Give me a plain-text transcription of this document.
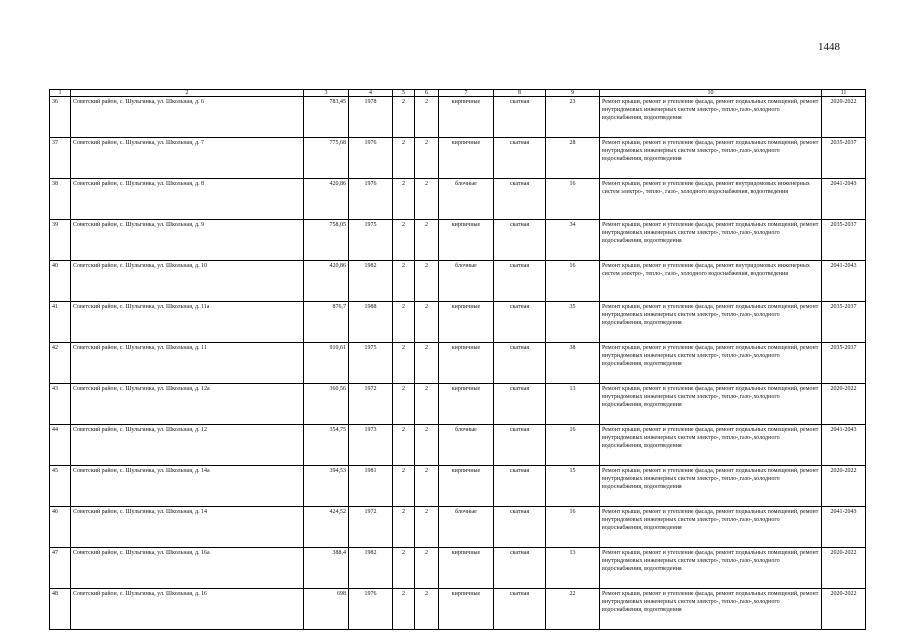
1448
1	2	3	4	5	6	7	8	9	10	11
36	Советский район, с. Шульгинка, ул. Школьная, д. 6	783,45	1978	2	2	кирпичные	скатная	23	Ремонт крыши, ремонт и утепление фасада, ремонт подвальных помещений, ремонт внутридомовых инженерных систем электро-, тепло-,газо-,холодного водоснабжения, водоотведения	2020-2022
37	Советский район, с. Шульгинка, ул. Школьная, д. 7	775,68	1976	2	2	кирпичные	скатная	28	Ремонт крыши, ремонт и утепление фасада, ремонт подвальных помещений, ремонт внутридомовых инженерных систем электро-, тепло-,газо-,холодного водоснабжения, водоотведения	2035-2037
38	Советский район, с. Шульгинка, ул. Школьная, д. 8	420,86	1976	2	2	блочные	скатная	16	Ремонт крыши, ремонт и утепление фасада, ремонт внутридомовых инженерных систем электро-, тепло-, газо-, холодного водоснабжения, водоотведения	2041-2043
39	Советский район, с. Шульгинка, ул. Школьная, д. 9	758,05	1975	2	2	кирпичные	скатная	34	Ремонт крыши, ремонт и утепление фасада, ремонт подвальных помещений, ремонт внутридомовых инженерных систем электро-, тепло-,газо-,холодного водоснабжения, водоотведения	2035-2037
40	Советский район, с. Шульгинка, ул. Школьная, д. 10	420,86	1982	2	2	блочные	скатная	16	Ремонт крыши, ремонт и утепление фасада, ремонт внутридомовых инженерных систем электро-, тепло-, газо-, холодного водоснабжения, водоотведения	2041-2043
41	Советский район, с. Шульгинка, ул. Школьная, д. 11а	876,7	1988	2	2	кирпичные	скатная	35	Ремонт крыши, ремонт и утепление фасада, ремонт подвальных помещений, ремонт внутридомовых инженерных систем электро-, тепло-,газо-,холодного водоснабжения, водоотведения	2035-2037
42	Советский район, с. Шульгинка, ул. Школьная, д. 11	910,61	1975	2	2	кирпичные	скатная	38	Ремонт крыши, ремонт и утепление фасада, ремонт подвальных помещений, ремонт внутридомовых инженерных систем электро-, тепло-,газо-,холодного водоснабжения, водоотведения	2035-2037
43	Советский район, с. Шульгинка, ул. Школьная, д. 12а	360,56	1972	2	2	кирпичные	скатная	13	Ремонт крыши, ремонт и утепление фасада, ремонт подвальных помещений, ремонт внутридомовых инженерных систем электро-, тепло-,газо-,холодного водоснабжения, водоотведения	2020-2022
44	Советский район, с. Шульгинка, ул. Школьная, д. 12	354,75	1973	2	2	блочные	скатная	16	Ремонт крыши, ремонт и утепление фасада, ремонт подвальных помещений, ремонт внутридомовых инженерных систем электро-, тепло-,газо-,холодного водоснабжения, водоотведения	2041-2043
45	Советский район, с. Шульгинка, ул. Школьная, д. 14а	394,53	1981	2	2	кирпичные	скатная	15	Ремонт крыши, ремонт и утепление фасада, ремонт подвальных помещений, ремонт внутридомовых инженерных систем электро-, тепло-,газо-,холодного водоснабжения, водоотведения	2020-2022
46	Советский район, с. Шульгинка, ул. Школьная, д. 14	424,52	1972	2	2	блочные	скатная	16	Ремонт крыши, ремонт и утепление фасада, ремонт подвальных помещений, ремонт внутридомовых инженерных систем электро-, тепло-,газо-,холодного водоснабжения, водоотведения	2041-2043
47	Советский район, с. Шульгинка, ул. Школьная, д. 16а	388,4	1982	2	2	кирпичные	скатная	13	Ремонт крыши, ремонт и утепление фасада, ремонт подвальных помещений, ремонт внутридомовых инженерных систем электро-, тепло-,газо-,холодного водоснабжения, водоотведения	2020-2022
48	Советский район, с. Шульгинка, ул. Школьная, д. 16	698	1976	2	2	кирпичные	скатная	22	Ремонт крыши, ремонт и утепление фасада, ремонт подвальных помещений, ремонт внутридомовых инженерных систем электро-, тепло-,газо-,холодного водоснабжения, водоотведения	2020-2022
